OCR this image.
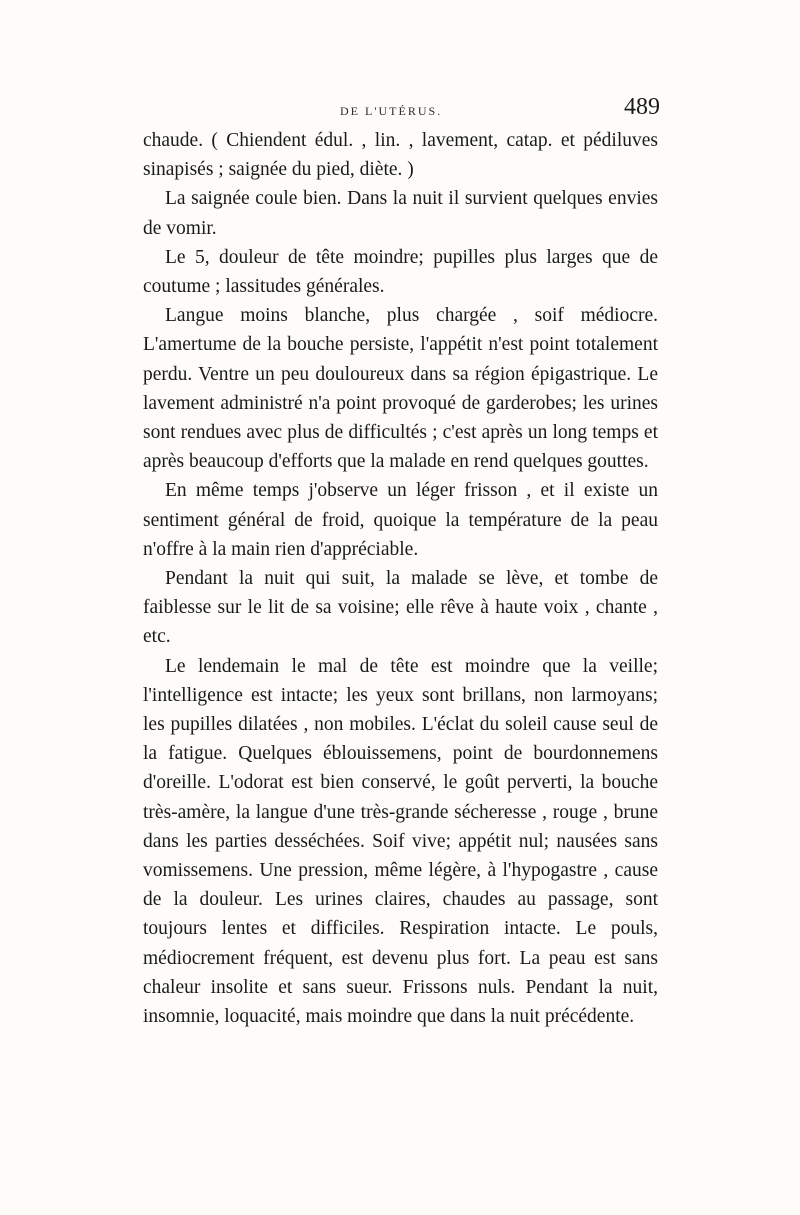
DE L'UTÉRUS.	489

chaude. ( Chiendent édul. , lin. , lavement, catap. et pédiluves sinapisés ; saignée du pied, diète. )

La saignée coule bien. Dans la nuit il survient quelques envies de vomir.

Le 5, douleur de tête moindre; pupilles plus larges que de coutume ; lassitudes générales.

Langue moins blanche, plus chargée , soif médiocre. L'amertume de la bouche persiste, l'appétit n'est point totalement perdu. Ventre un peu douloureux dans sa région épigastrique. Le lavement administré n'a point provoqué de garderobes; les urines sont rendues avec plus de difficultés ; c'est après un long temps et après beaucoup d'efforts que la malade en rend quelques gouttes.

En même temps j'observe un léger frisson , et il existe un sentiment général de froid, quoique la température de la peau n'offre à la main rien d'appréciable.

Pendant la nuit qui suit, la malade se lève, et tombe de faiblesse sur le lit de sa voisine; elle rêve à haute voix , chante , etc.

Le lendemain le mal de tête est moindre que la veille; l'intelligence est intacte; les yeux sont brillans, non larmoyans; les pupilles dilatées , non mobiles. L'éclat du soleil cause seul de la fatigue. Quelques éblouissemens, point de bourdonnemens d'oreille. L'odorat est bien conservé, le goût perverti, la bouche très-amère, la langue d'une très-grande sécheresse , rouge , brune dans les parties desséchées. Soif vive; appétit nul; nausées sans vomissemens. Une pression, même légère, à l'hypogastre , cause de la douleur. Les urines claires, chaudes au passage, sont toujours lentes et difficiles. Respiration intacte. Le pouls, médiocrement fréquent, est devenu plus fort. La peau est sans chaleur insolite et sans sueur. Frissons nuls. Pendant la nuit, insomnie, loquacité, mais moindre que dans la nuit précédente.
